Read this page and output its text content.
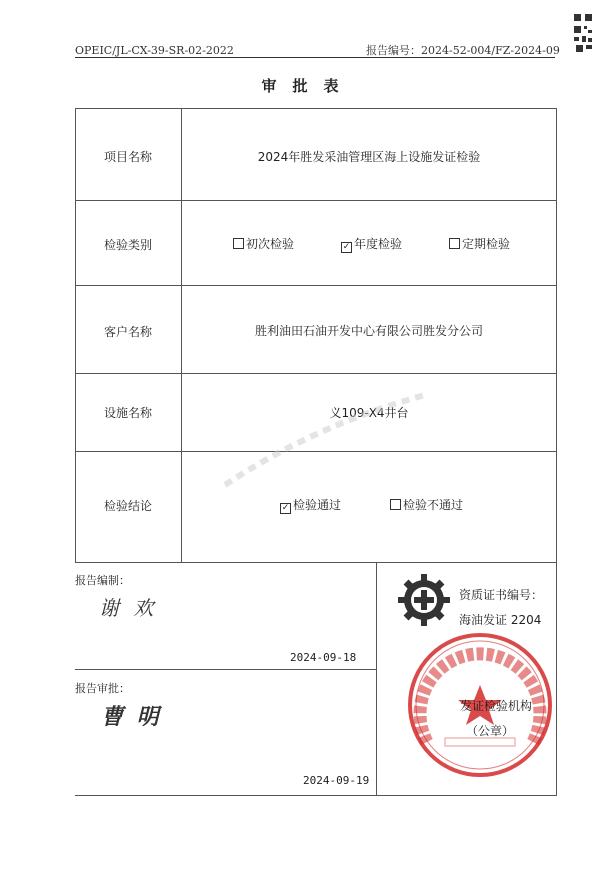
OPEIC/JL-CX-39-SR-02-2022	报告编号：2024-52-004/FZ-2024-09
审批表
项目名称	2024年胜发采油管理区海上设施发证检验
检验类别	初次检验	✓ 年度检验	定期检验
客户名称	胜利油田石油开发中心有限公司胜发分公司
设施名称	义109-X4井台
检验结论	✓ 检验通过	检验不通过
报告编制：
谢 欢
2024-09-18
报告审批：
曹 明
2024-09-19
资质证书编号：
海油发证 2204
发证检验机构
（公章）
